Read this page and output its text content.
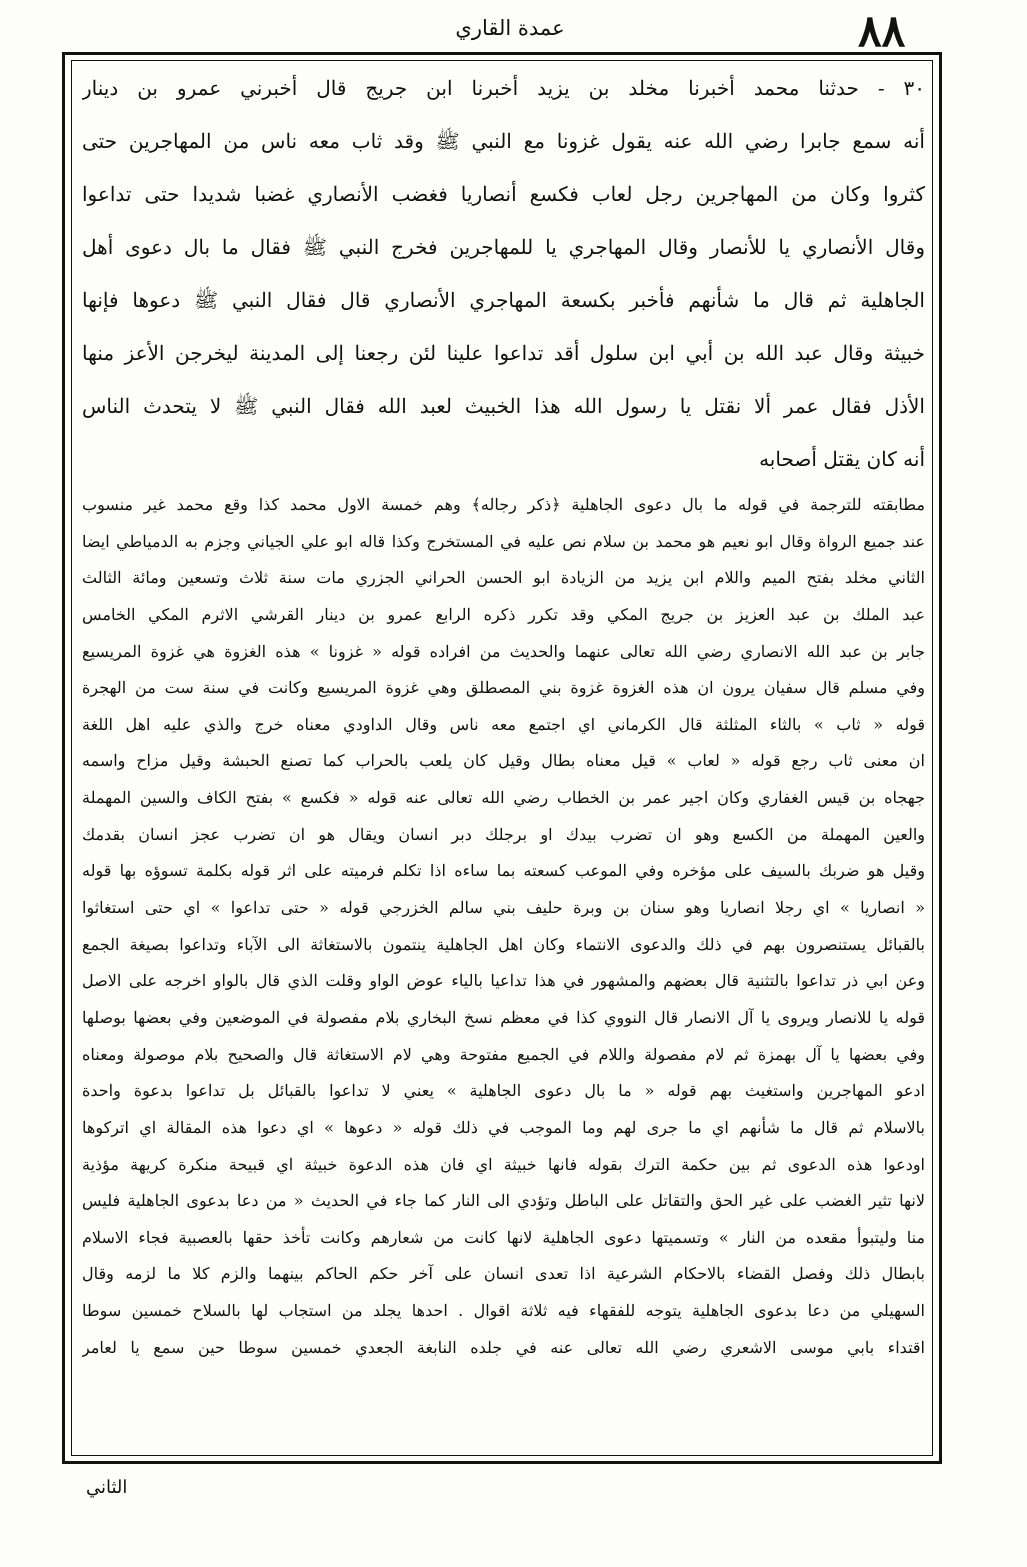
٨٨
عمدة القاري
٣٠ - حدثنا محمد أخبرنا مخلد بن يزيد أخبرنا ابن جريج قال أخبرني عمرو بن دينار
أنه سمع جابرا رضي الله عنه يقول غزونا مع النبي ﷺ وقد ثاب معه ناس من المهاجرين حتى
كثروا وكان من المهاجرين رجل لعاب فكسع أنصاريا فغضب الأنصاري غضبا شديدا حتى تداعوا
وقال الأنصاري يا للأنصار وقال المهاجري يا للمهاجرين فخرج النبي ﷺ فقال ما بال دعوى أهل
الجاهلية ثم قال ما شأنهم فأخبر بكسعة المهاجري الأنصاري قال فقال النبي ﷺ دعوها فإنها
خبيثة وقال عبد الله بن أبي ابن سلول أقد تداعوا علينا لئن رجعنا إلى المدينة ليخرجن الأعز منها
الأذل فقال عمر ألا نقتل يا رسول الله هذا الخبيث لعبد الله فقال النبي ﷺ لا يتحدث الناس
أنه كان يقتل أصحابه
مطابقته للترجمة في قوله ما بال دعوى الجاهلية ﴿ذكر رجاله﴾ وهم خمسة الاول محمد كذا وقع محمد غير منسوب
عند جميع الرواة وقال ابو نعيم هو محمد بن سلام نص عليه في المستخرج وكذا قاله ابو علي الجياني وجزم به الدمياطي ايضا
الثاني مخلد بفتح الميم واللام ابن يزيد من الزيادة ابو الحسن الحراني الجزري مات سنة ثلاث وتسعين ومائة الثالث
عبد الملك بن عبد العزيز بن جريج المكي وقد تكرر ذكره الرابع عمرو بن دينار القرشي الاثرم المكي الخامس
جابر بن عبد الله الانصاري رضي الله تعالى عنهما والحديث من افراده قوله « غزونا » هذه الغزوة هي غزوة المريسيع
وفي مسلم قال سفيان يرون ان هذه الغزوة غزوة بني المصطلق وهي غزوة المريسيع وكانت في سنة ست من الهجرة
قوله « ثاب » بالثاء المثلثة قال الكرماني اي اجتمع معه ناس وقال الداودي معناه خرج والذي عليه اهل اللغة
ان معنى ثاب رجع قوله « لعاب » قيل معناه بطال وقيل كان يلعب بالحراب كما تصنع الحبشة وقيل مزاح واسمه
جهجاه بن قيس الغفاري وكان اجير عمر بن الخطاب رضي الله تعالى عنه قوله « فكسع » بفتح الكاف والسين المهملة
والعين المهملة من الكسع وهو ان تضرب بيدك او برجلك دبر انسان ويقال هو ان تضرب عجز انسان بقدمك
وقيل هو ضربك بالسيف على مؤخره وفي الموعب كسعته بما ساءه اذا تكلم فرميته على اثر قوله بكلمة تسوؤه بها قوله
« انصاريا » اي رجلا انصاريا وهو سنان بن وبرة حليف بني سالم الخزرجي قوله « حتى تداعوا » اي حتى استغاثوا
بالقبائل يستنصرون بهم في ذلك والدعوى الانتماء وكان اهل الجاهلية ينتمون بالاستغاثة الى الآباء وتداعوا بصيغة الجمع
وعن ابي ذر تداعوا بالتثنية قال بعضهم والمشهور في هذا تداعيا بالياء عوض الواو وقلت الذي قال بالواو اخرجه على الاصل
قوله يا للانصار ويروى يا آل الانصار قال النووي كذا في معظم نسخ البخاري بلام مفصولة في الموضعين وفي بعضها بوصلها
وفي بعضها يا آل بهمزة ثم لام مفصولة واللام في الجميع مفتوحة وهي لام الاستغاثة قال والصحيح بلام موصولة ومعناه
ادعو المهاجرين واستغيث بهم قوله « ما بال دعوى الجاهلية » يعني لا تداعوا بالقبائل بل تداعوا بدعوة واحدة
بالاسلام ثم قال ما شأنهم اي ما جرى لهم وما الموجب في ذلك قوله « دعوها » اي دعوا هذه المقالة اي اتركوها
اودعوا هذه الدعوى ثم بين حكمة الترك بقوله فانها خبيثة اي فان هذه الدعوة خبيثة اي قبيحة منكرة كريهة مؤذية
لانها تثير الغضب على غير الحق والتقاتل على الباطل وتؤدي الى النار كما جاء في الحديث « من دعا بدعوى الجاهلية فليس
منا وليتبوأ مقعده من النار » وتسميتها دعوى الجاهلية لانها كانت من شعارهم وكانت تأخذ حقها بالعصبية فجاء الاسلام
بابطال ذلك وفصل القضاء بالاحكام الشرعية اذا تعدى انسان على آخر حكم الحاكم بينهما والزم كلا ما لزمه وقال
السهيلي من دعا بدعوى الجاهلية يتوجه للفقهاء فيه ثلاثة اقوال . احدها يجلد من استجاب لها بالسلاح خمسين سوطا
اقتداء بابي موسى الاشعري رضي الله تعالى عنه في جلده النابغة الجعدي خمسين سوطا حين سمع يا لعامر
الثاني
